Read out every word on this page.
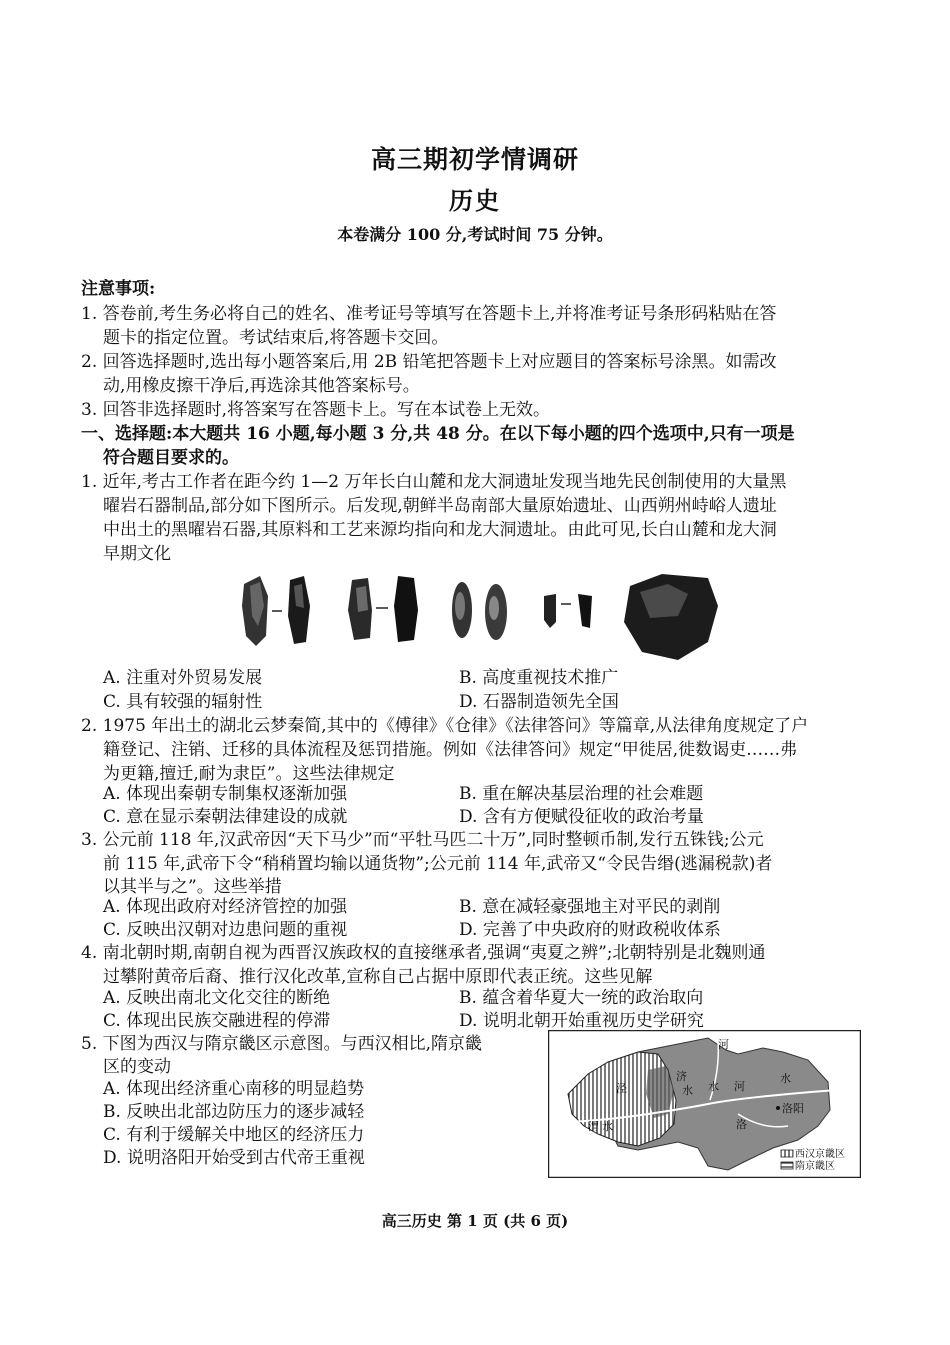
高三期初学情调研
历史
本卷满分 100 分,考试时间 75 分钟。
注意事项:
1. 答卷前,考生务必将自己的姓名、准考证号等填写在答题卡上,并将准考证号条形码粘贴在答
题卡的指定位置。考试结束后,将答题卡交回。
2. 回答选择题时,选出每小题答案后,用 2B 铅笔把答题卡上对应题目的答案标号涂黑。如需改
动,用橡皮擦干净后,再选涂其他答案标号。
3. 回答非选择题时,将答案写在答题卡上。写在本试卷上无效。
一、选择题:本大题共 16 小题,每小题 3 分,共 48 分。在以下每小题的四个选项中,只有一项是
符合题目要求的。
1. 近年,考古工作者在距今约 1—2 万年长白山麓和龙大洞遗址发现当地先民创制使用的大量黑
曜岩石器制品,部分如下图所示。后发现,朝鲜半岛南部大量原始遗址、山西朔州峙峪人遗址
中出土的黑曜岩石器,其原料和工艺来源均指向和龙大洞遗址。由此可见,长白山麓和龙大洞
早期文化
A. 注重对外贸易发展	B. 高度重视技术推广
C. 具有较强的辐射性	D. 石器制造领先全国
2. 1975 年出土的湖北云梦秦简,其中的《傅律》《仓律》《法律答问》等篇章,从法律角度规定了户
籍登记、注销、迁移的具体流程及惩罚措施。例如《法律答问》规定“甲徙居,徙数谒吏……弗
为更籍,擅迁,耐为隶臣”。这些法律规定
A. 体现出秦朝专制集权逐渐加强	B. 重在解决基层治理的社会难题
C. 意在显示秦朝法律建设的成就	D. 含有方便赋役征收的政治考量
3. 公元前 118 年,汉武帝因“天下马少”而“平牡马匹二十万”,同时整顿币制,发行五铢钱;公元
前 115 年,武帝下令“稍稍置均输以通货物”;公元前 114 年,武帝又“令民告缗(逃漏税款)者
以其半与之”。这些举措
A. 体现出政府对经济管控的加强	B. 意在减轻豪强地主对平民的剥削
C. 反映出汉朝对边患问题的重视	D. 完善了中央政府的财政税收体系
4. 南北朝时期,南朝自视为西晋汉族政权的直接继承者,强调“夷夏之辨”;北朝特别是北魏则通
过攀附黄帝后裔、推行汉化改革,宣称自己占据中原即代表正统。这些见解
A. 反映出南北文化交往的断绝	B. 蕴含着华夏大一统的政治取向
C. 体现出民族交融进程的停滞	D. 说明北朝开始重视历史学研究
5. 下图为西汉与隋京畿区示意图。与西汉相比,隋京畿
区的变动
A. 体现出经济重心南移的明显趋势
B. 反映出北部边防压力的逐步减轻
C. 有利于缓解关中地区的经济压力
D. 说明洛阳开始受到古代帝王重视
河
济
水 水
泾
渭 水
河
水
洛
洛阳
西汉京畿区
隋京畿区
高三历史 第 1 页 (共 6 页)
